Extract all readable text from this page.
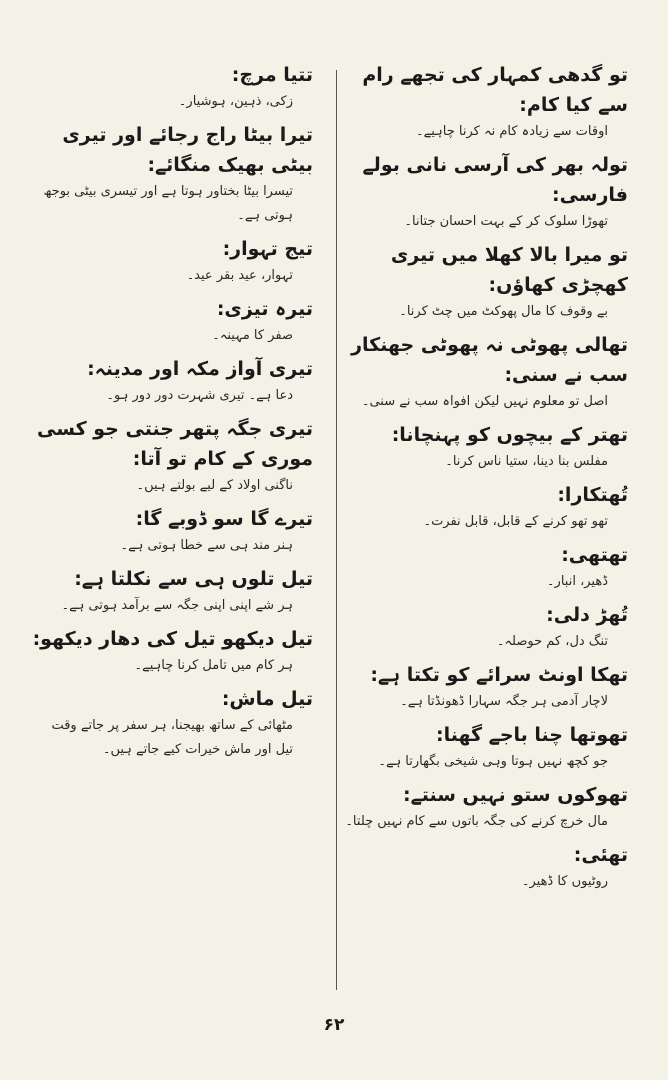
تو گدھی کمہار کی تجھے رام سے کیا کام:

اوقات سے زیادہ کام نہ کرنا چاہیے۔

تولہ بھر کی آرسی نانی بولے فارسی:

تھوڑا سلوک کر کے بہت احسان جتانا۔

تو میرا بالا کھلا میں تیری کھچڑی کھاؤں:

بے وقوف کا مال پھوکٹ میں چٹ کرنا۔

تھالی پھوٹی نہ پھوٹی جھنکار سب نے سنی:

اصل تو معلوم نہیں لیکن افواہ سب نے سنی۔

تھتر کے بیچوں کو پہنچانا:

مفلس بنا دینا، ستیا ناس کرنا۔

تُھتکارا:

تھو تھو کرنے کے قابل، قابل نفرت۔

تھتھی:

ڈھیر، انبار۔

تُھڑ دلی:

تنگ دل، کم حوصلہ۔

تھکا اونٹ سرائے کو تکتا ہے:

لاچار آدمی ہر جگہ سہارا ڈھونڈتا ہے۔

تھوتھا چنا باجے گھنا:

جو کچھ نہیں ہوتا وہی شیخی بگھارتا ہے۔

تھوکوں ستو نہیں سنتے:

مال خرچ کرنے کی جگہ باتوں سے کام نہیں چلتا۔

تھئی:

روٹیوں کا ڈھیر۔

تتیا مرچ:

زکی، ذہین، ہوشیار۔

تیرا بیٹا راج رجائے اور تیری بیٹی بھیک منگائے:

تیسرا بیٹا بختاور ہوتا ہے اور تیسری بیٹی بوجھ ہوتی ہے۔

تیج تہوار:

تہوار، عید بقر عید۔

تیرہ تیزی:

صفر کا مہینہ۔

تیری آواز مکہ اور مدینہ:

دعا ہے۔ تیری شہرت دور دور ہو۔

تیری جگہ پتھر جنتی جو کسی موری کے کام تو آتا:

ناگنی اولاد کے لیے بولتے ہیں۔

تیرے گا سو ڈوبے گا:

ہنر مند ہی سے خطا ہوتی ہے۔

تیل تلوں ہی سے نکلتا ہے:

ہر شے اپنی اپنی جگہ سے برآمد ہوتی ہے۔

تیل دیکھو تیل کی دھار دیکھو:

ہر کام میں تامل کرنا چاہیے۔

تیل ماش:

مٹھائی کے ساتھ بھیجنا، ہر سفر پر جاتے وقت تیل اور ماش خیرات کیے جاتے ہیں۔

۶۲
